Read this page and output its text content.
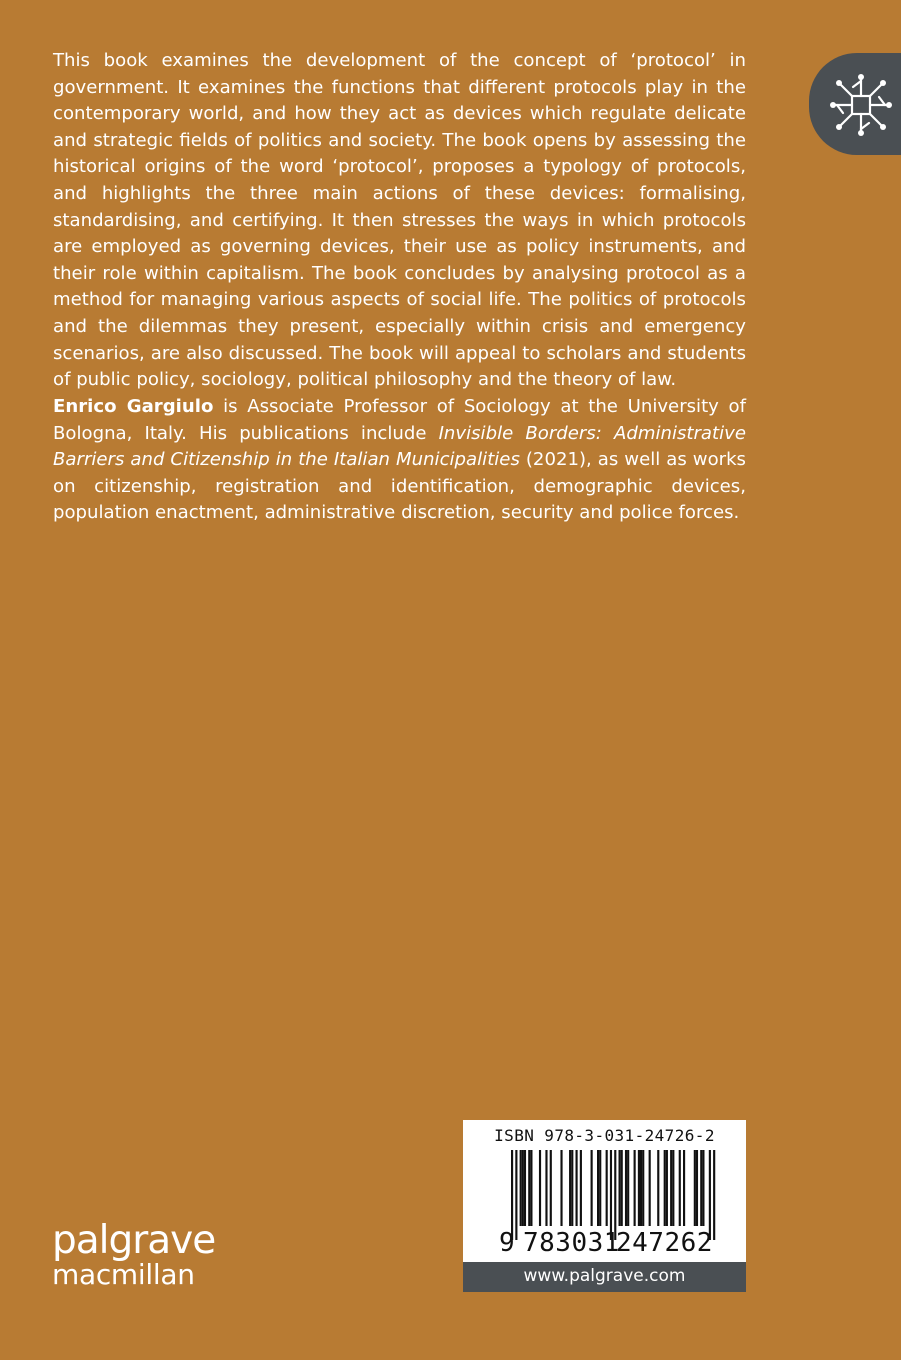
This book examines the development of the concept of ‘protocol’ in government. It examines the functions that different protocols play in the contemporary world, and how they act as devices which regulate delicate and strategic fields of politics and society. The book opens by assessing the historical origins of the word ‘protocol’, proposes a typology of protocols, and highlights the three main actions of these devices: formalising, standardising, and certifying. It then stresses the ways in which protocols are employed as governing devices, their use as policy instruments, and their role within capitalism. The book concludes by analysing protocol as a method for managing various aspects of social life. The politics of protocols and the dilemmas they present, especially within crisis and emergency scenarios, are also discussed. The book will appeal to scholars and students of public policy, sociology, political philosophy and the theory of law.

Enrico Gargiulo is Associate Professor of Sociology at the University of Bologna, Italy. His publications include Invisible Borders: Administrative Barriers and Citizenship in the Italian Municipalities (2021), as well as works on citizenship, registration and identification, demographic devices, population enactment, administrative discretion, security and police forces.

palgrave
macmillan
ISBN 978-3-031-24726-2
9 783031
247262
www.palgrave.com
